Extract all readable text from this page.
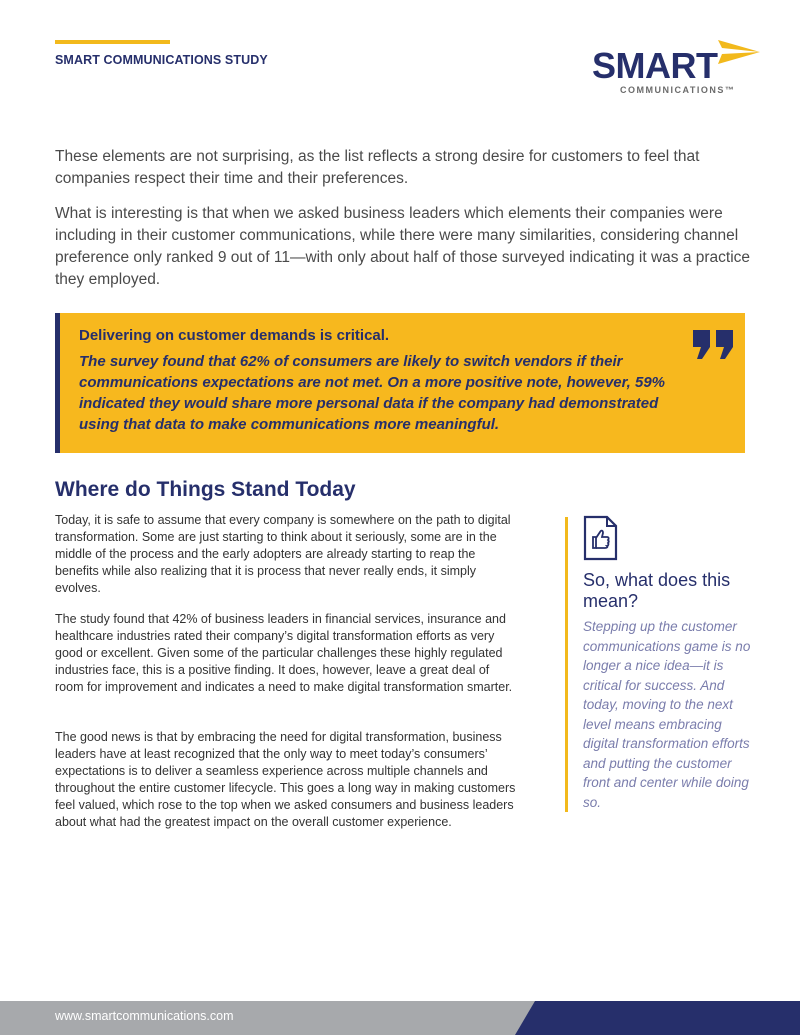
SMART COMMUNICATIONS STUDY	SMART
COMMUNICATIONS™

These elements are not surprising, as the list reflects a strong desire for customers to feel that companies respect their time and their preferences.

What is interesting is that when we asked business leaders which elements their companies were including in their customer communications, while there were many similarities, considering channel preference only ranked 9 out of 11—with only about half of those surveyed indicating it was a practice they employed.

Delivering on customer demands is critical.

The survey found that 62% of consumers are likely to switch vendors if their communications expectations are not met. On a more positive note, however, 59% indicated they would share more personal data if the company had demonstrated using that data to make communications more meaningful.

Where do Things Stand Today

Today, it is safe to assume that every company is somewhere on the path to digital transformation. Some are just starting to think about it seriously, some are in the middle of the process and the early adopters are already starting to reap the benefits while also realizing that it is process that never really ends, it simply evolves.

The study found that 42% of business leaders in financial services, insurance and healthcare industries rated their company’s digital transformation efforts as very good or excellent. Given some of the particular challenges these highly regulated industries face, this is a positive finding. It does, however, leave a great deal of room for improvement and indicates a need to make digital transformation smarter.

The good news is that by embracing the need for digital transformation, business leaders have at least recognized that the only way to meet today’s consumers’ expectations is to deliver a seamless experience across multiple channels and throughout the entire customer lifecycle. This goes a long way in making customers feel valued, which rose to the top when we asked consumers and business leaders about what had the greatest impact on the overall customer experience.

So, what does this mean?

Stepping up the customer communications game is no longer a nice idea—it is critical for success. And today, moving to the next level means embracing digital transformation efforts and putting the customer front and center while doing so.

www.smartcommunications.com
